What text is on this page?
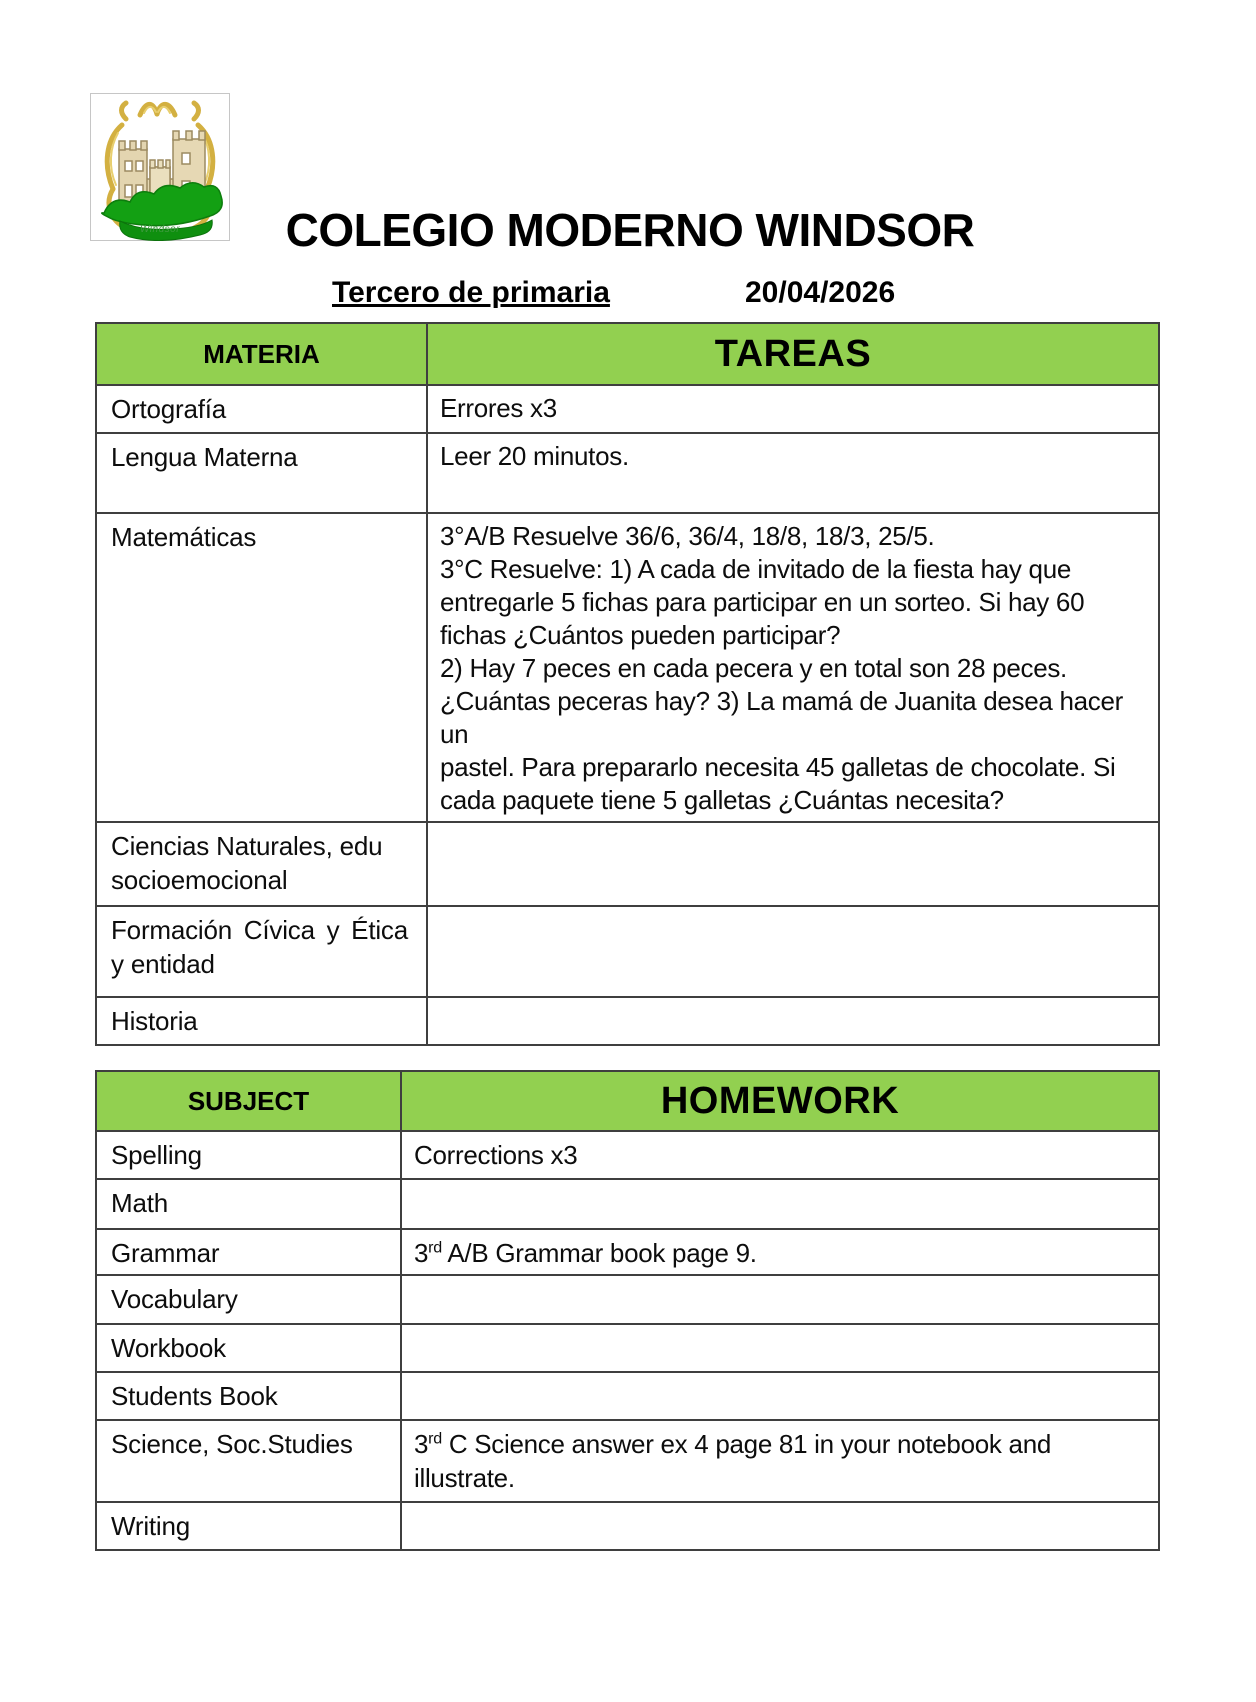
Windsor	COLEGIO MODERNO WINDSOR
Tercero de primaria	20/04/2026
MATERIA	TAREAS
Ortografía	Errores x3

Lengua Materna	Leer 20 minutos.

Matemáticas	3°A/B Resuelve 36/6, 36/4, 18/8, 18/3, 25/5.
3°C Resuelve: 1) A cada de invitado de la fiesta hay que
entregarle 5 fichas para participar en un sorteo. Si hay 60
fichas ¿Cuántos pueden participar?
2) Hay 7 peces en cada pecera y en total son 28 peces.
¿Cuántas peceras hay? 3) La mamá de Juanita desea hacer un
pastel. Para prepararlo necesita 45 galletas de chocolate. Si
cada paquete tiene 5 galletas ¿Cuántas necesita?

Ciencias Naturales, edu socioemocional	
Formación Cívica y Ética y entidad	
Historia	
SUBJECT	HOMEWORK
Spelling	Corrections x3
Math	
Grammar	3rd A/B Grammar book page 9.
Vocabulary	
Workbook	
Students Book	
Science, Soc.Studies	3rd C Science answer ex 4 page 81 in your notebook and illustrate.
Writing	
